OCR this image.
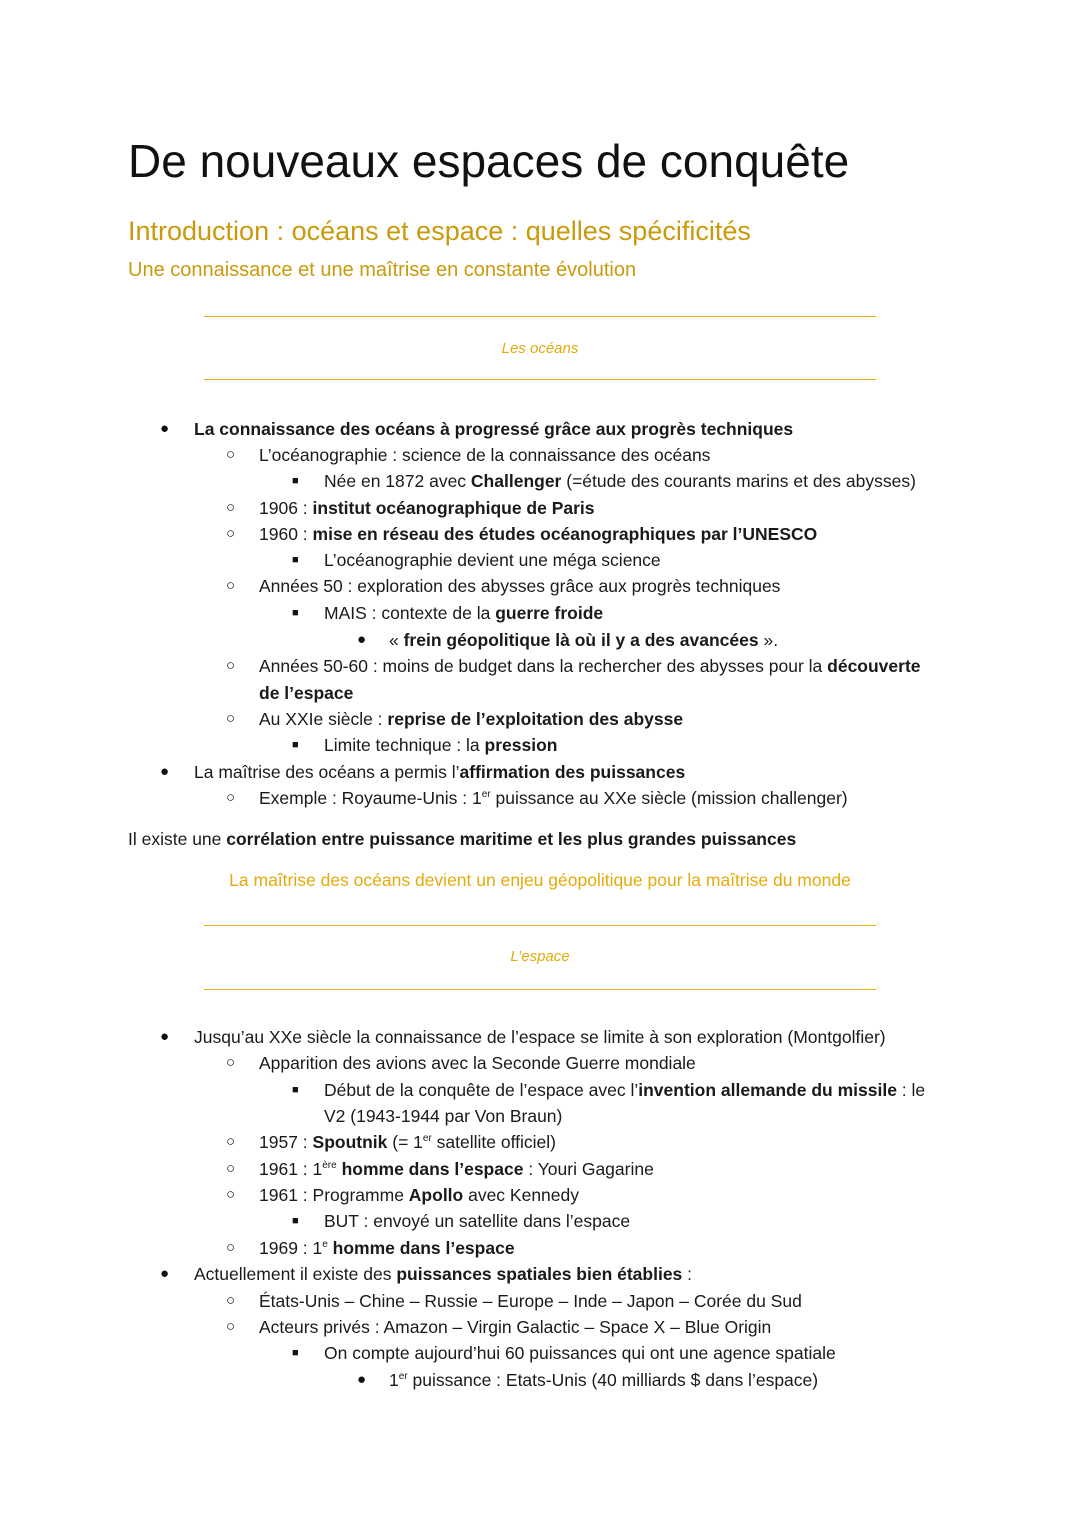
De nouveaux espaces de conquête
Introduction : océans et espace : quelles spécificités
Une connaissance et une maîtrise en constante évolution
Les océans
● La connaissance des océans à progressé grâce aux progrès techniques
○ L’océanographie : science de la connaissance des océans
■ Née en 1872 avec Challenger (=étude des courants marins et des abysses)
○ 1906 : institut océanographique de Paris
○ 1960 : mise en réseau des études océanographiques par l’UNESCO
■ L’océanographie devient une méga science
○ Années 50 : exploration des abysses grâce aux progrès techniques
■ MAIS : contexte de la guerre froide
● « frein géopolitique là où il y a des avancées ».
○ Années 50-60 : moins de budget dans la rechercher des abysses pour la découverte
de l’espace
○ Au XXIe siècle : reprise de l’exploitation des abysse
■ Limite technique : la pression
● La maîtrise des océans a permis l’affirmation des puissances
○ Exemple : Royaume-Unis : 1er puissance au XXe siècle (mission challenger)
Il existe une corrélation entre puissance maritime et les plus grandes puissances
La maîtrise des océans devient un enjeu géopolitique pour la maîtrise du monde
L’espace
● Jusqu’au XXe siècle la connaissance de l’espace se limite à son exploration (Montgolfier)
○ Apparition des avions avec la Seconde Guerre mondiale
■ Début de la conquête de l’espace avec l’invention allemande du missile : le
V2 (1943-1944 par Von Braun)
○ 1957 : Spoutnik (= 1er satellite officiel)
○ 1961 : 1ère homme dans l’espace : Youri Gagarine
○ 1961 : Programme Apollo avec Kennedy
■ BUT : envoyé un satellite dans l’espace
○ 1969 : 1e homme dans l’espace
● Actuellement il existe des puissances spatiales bien établies :
○ États-Unis – Chine – Russie – Europe – Inde – Japon – Corée du Sud
○ Acteurs privés : Amazon – Virgin Galactic – Space X – Blue Origin
■ On compte aujourd’hui 60 puissances qui ont une agence spatiale
● 1er puissance : Etats-Unis (40 milliards $ dans l’espace)
